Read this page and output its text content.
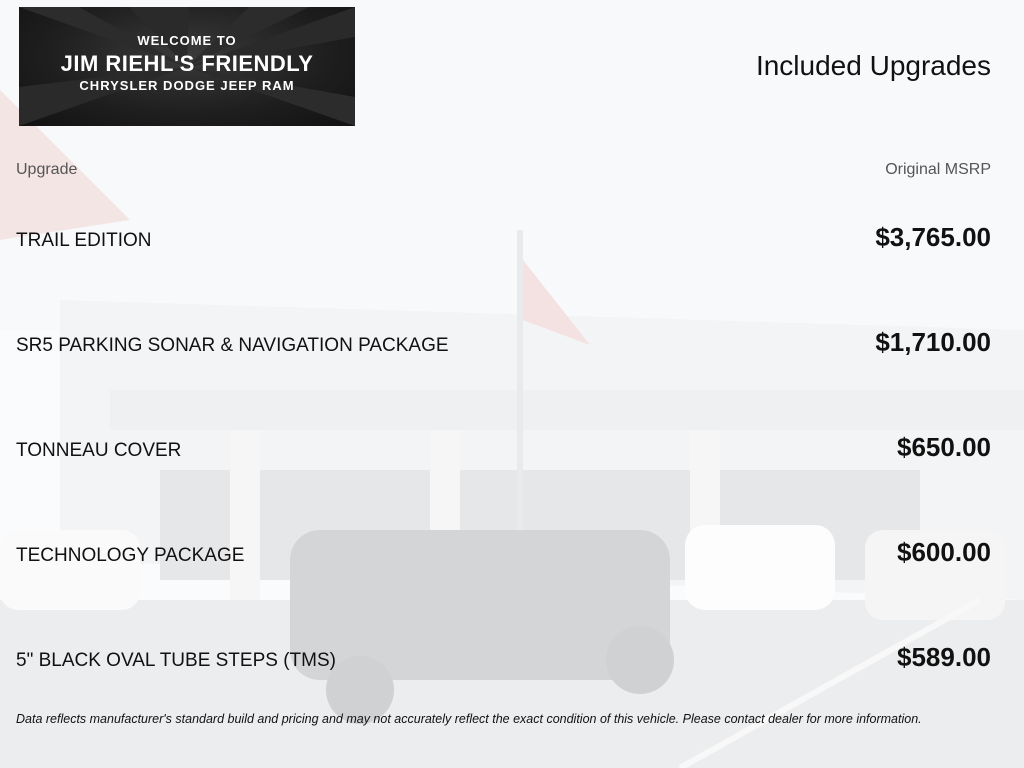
WELCOME TO
JIM RIEHL'S FRIENDLY
CHRYSLER DODGE JEEP RAM
Included Upgrades
Upgrade	Original MSRP
TRAIL EDITION	$3,765.00
SR5 PARKING SONAR & NAVIGATION PACKAGE	$1,710.00
TONNEAU COVER	$650.00
TECHNOLOGY PACKAGE	$600.00
5" BLACK OVAL TUBE STEPS (TMS)	$589.00
Data reflects manufacturer's standard build and pricing and may not accurately reflect the exact condition of this vehicle. Please contact dealer for more information.
